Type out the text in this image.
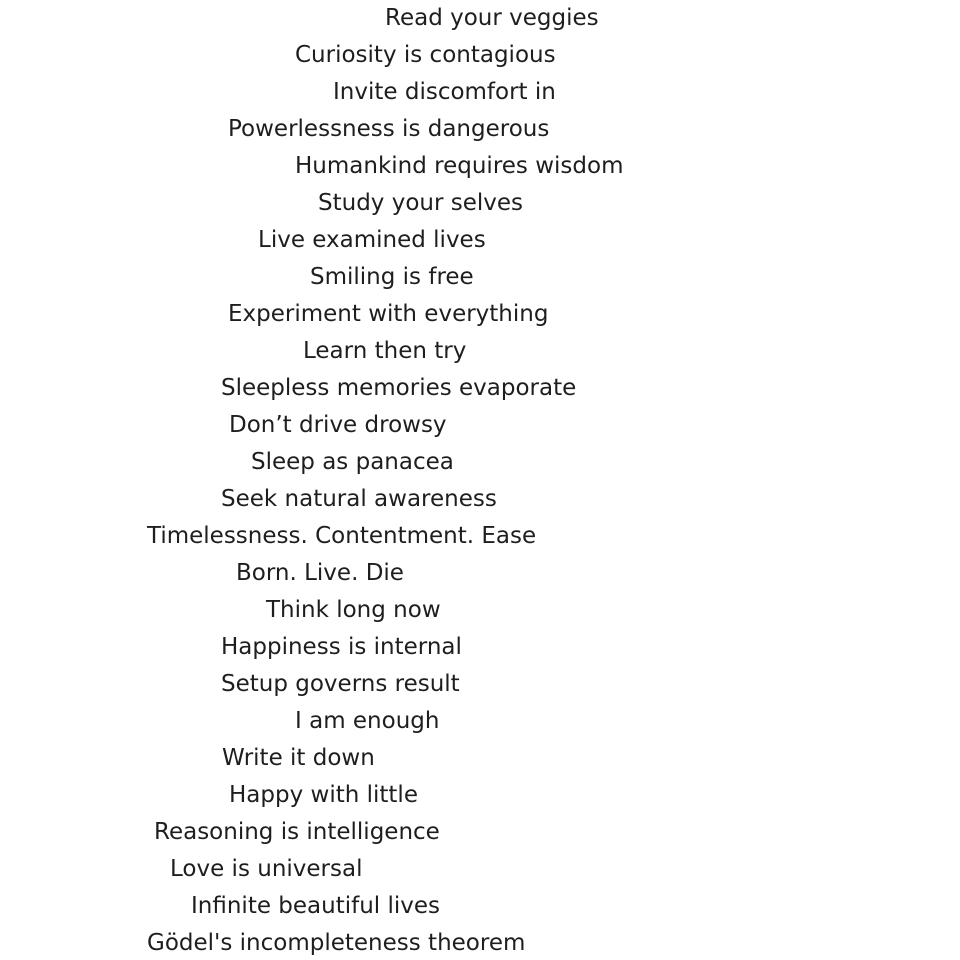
Read your veggies

Curiosity is contagious

Invite discomfort in

Powerlessness is dangerous

Humankind requires wisdom

Study your selves

Live examined lives

Smiling is free

Experiment with everything

Learn then try

Sleepless memories evaporate

Don’t drive drowsy

Sleep as panacea

Seek natural awareness

Timelessness. Contentment. Ease

Born. Live. Die

Think long now

Happiness is internal

Setup governs result

I am enough

Write it down

Happy with little

Reasoning is intelligence

Love is universal

Infinite beautiful lives

Gödel's incompleteness theorem
